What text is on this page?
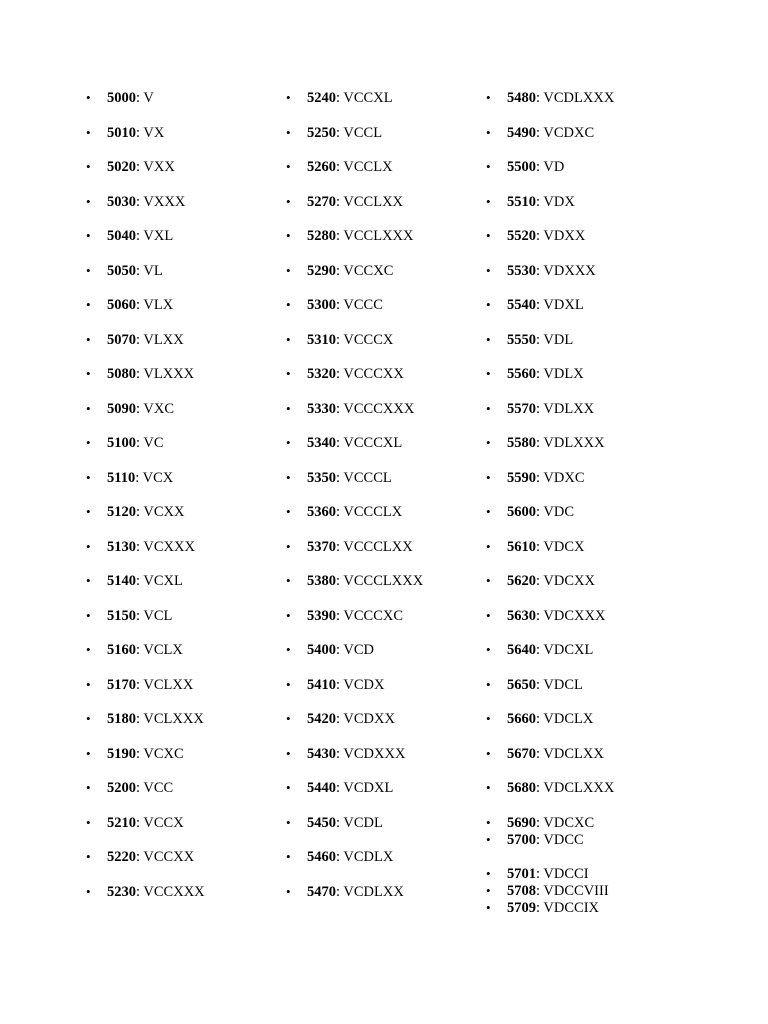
• 5000: V
• 5010: VX
• 5020: VXX
• 5030: VXXX
• 5040: VXL
• 5050: VL
• 5060: VLX
• 5070: VLXX
• 5080: VLXXX
• 5090: VXC
• 5100: VC
• 5110: VCX
• 5120: VCXX
• 5130: VCXXX
• 5140: VCXL
• 5150: VCL
• 5160: VCLX
• 5170: VCLXX
• 5180: VCLXXX
• 5190: VCXC
• 5200: VCC
• 5210: VCCX
• 5220: VCCXX
• 5230: VCCXXX
• 5240: VCCXL
• 5250: VCCL
• 5260: VCCLX
• 5270: VCCLXX
• 5280: VCCLXXX
• 5290: VCCXC
• 5300: VCCC
• 5310: VCCCX
• 5320: VCCCXX
• 5330: VCCCXXX
• 5340: VCCCXL
• 5350: VCCCL
• 5360: VCCCLX
• 5370: VCCCLXX
• 5380: VCCCLXXX
• 5390: VCCCXC
• 5400: VCD
• 5410: VCDX
• 5420: VCDXX
• 5430: VCDXXX
• 5440: VCDXL
• 5450: VCDL
• 5460: VCDLX
• 5470: VCDLXX
• 5480: VCDLXXX
• 5490: VCDXC
• 5500: VD
• 5510: VDX
• 5520: VDXX
• 5530: VDXXX
• 5540: VDXL
• 5550: VDL
• 5560: VDLX
• 5570: VDLXX
• 5580: VDLXXX
• 5590: VDXC
• 5600: VDC
• 5610: VDCX
• 5620: VDCXX
• 5630: VDCXXX
• 5640: VDCXL
• 5650: VDCL
• 5660: VDCLX
• 5670: VDCLXX
• 5680: VDCLXXX
• 5690: VDCXC
• 5700: VDCC
• 5701: VDCCI
• 5708: VDCCVIII
• 5709: VDCCIX
